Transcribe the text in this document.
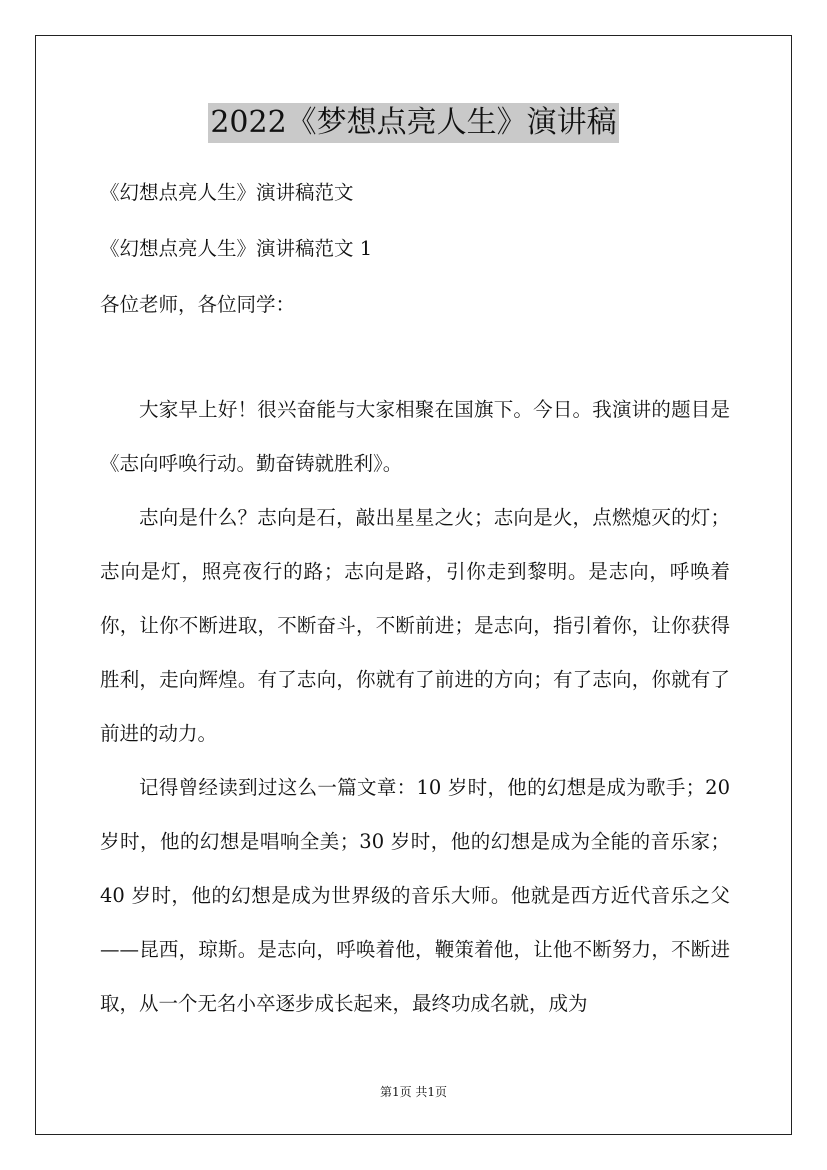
2022《梦想点亮人生》演讲稿
《幻想点亮人生》演讲稿范文
《幻想点亮人生》演讲稿范文 1
各位老师，各位同学：

大家早上好！很兴奋能与大家相聚在国旗下。今日。我演讲的题目是《志向呼唤行动。勤奋铸就胜利》。

志向是什么？志向是石，敲出星星之火；志向是火，点燃熄灭的灯；志向是灯，照亮夜行的路；志向是路，引你走到黎明。是志向，呼唤着你，让你不断进取，不断奋斗，不断前进；是志向，指引着你，让你获得胜利，走向辉煌。有了志向，你就有了前进的方向；有了志向，你就有了前进的动力。

记得曾经读到过这么一篇文章：10 岁时，他的幻想是成为歌手；20 岁时，他的幻想是唱响全美；30 岁时，他的幻想是成为全能的音乐家；40 岁时，他的幻想是成为世界级的音乐大师。他就是西方近代音乐之父——昆西，琼斯。是志向，呼唤着他，鞭策着他，让他不断努力，不断进取，从一个无名小卒逐步成长起来，最终功成名就，成为

第1页 共1页
